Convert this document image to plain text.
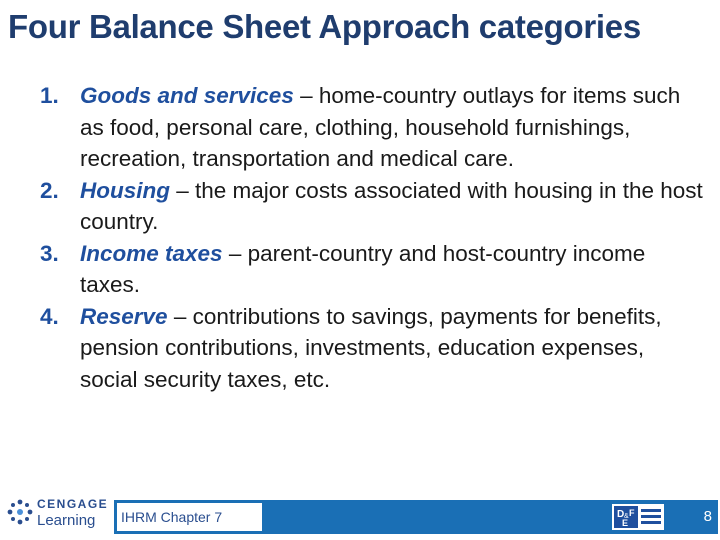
Four Balance Sheet Approach categories
1. Goods and services – home-country outlays for items such as food, personal care, clothing, household furnishings, recreation, transportation and medical care.
2. Housing – the major costs associated with housing in the host country.
3. Income taxes – parent-country and host-country income taxes.
4. Reserve – contributions to savings, payments for benefits, pension contributions, investments, education expenses, social security taxes, etc.
CENGAGE
Learning IHRM Chapter 7	D & F
E	8
